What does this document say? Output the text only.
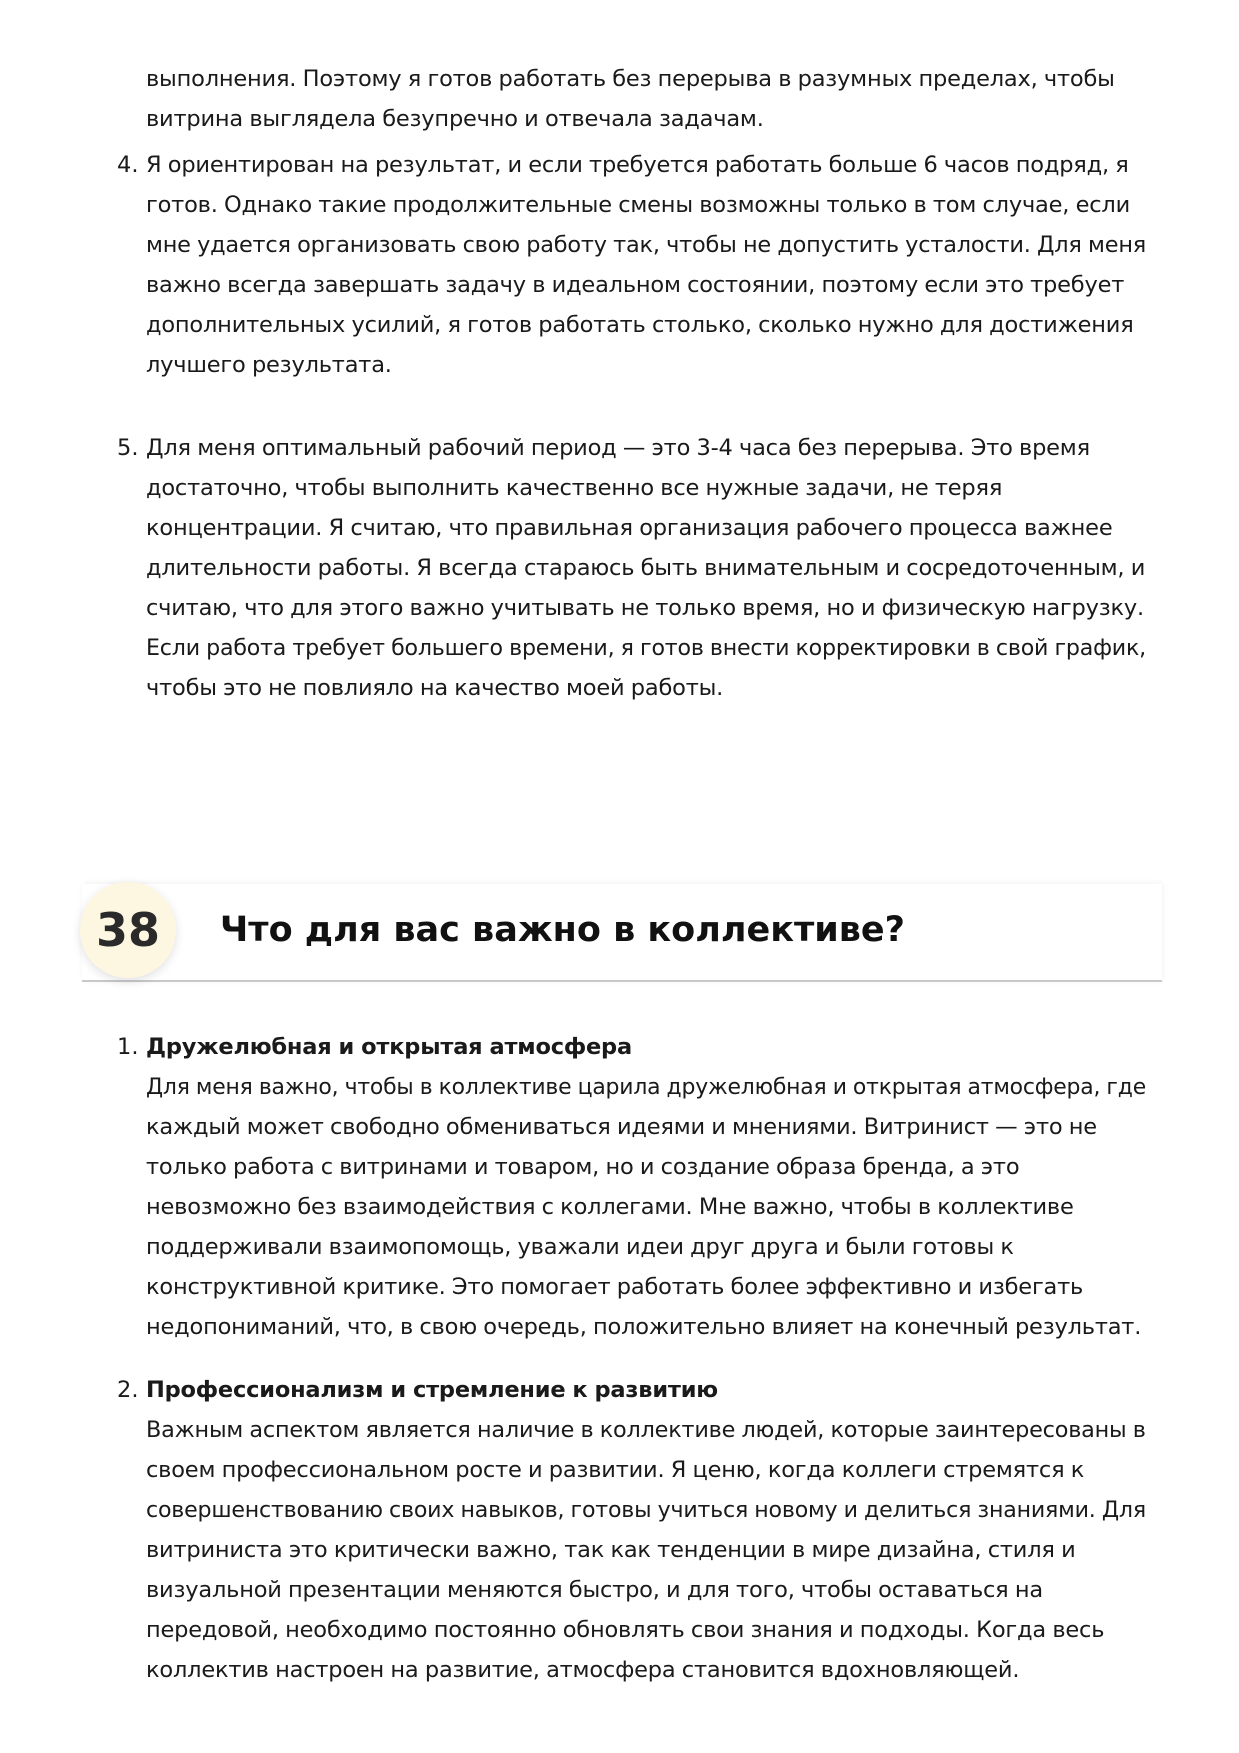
выполнения. Поэтому я готов работать без перерыва в разумных пределах, чтобы
витрина выглядела безупречно и отвечала задачам.
4. Я ориентирован на результат, и если требуется работать больше 6 часов подряд, я
готов. Однако такие продолжительные смены возможны только в том случае, если
мне удается организовать свою работу так, чтобы не допустить усталости. Для меня
важно всегда завершать задачу в идеальном состоянии, поэтому если это требует
дополнительных усилий, я готов работать столько, сколько нужно для достижения
лучшего результата.
5. Для меня оптимальный рабочий период — это 3-4 часа без перерыва. Это время
достаточно, чтобы выполнить качественно все нужные задачи, не теряя
концентрации. Я считаю, что правильная организация рабочего процесса важнее
длительности работы. Я всегда стараюсь быть внимательным и сосредоточенным, и
считаю, что для этого важно учитывать не только время, но и физическую нагрузку.
Если работа требует большего времени, я готов внести корректировки в свой график,
чтобы это не повлияло на качество моей работы.
38	Что для вас важно в коллективе?
1. Дружелюбная и открытая атмосфера
Для меня важно, чтобы в коллективе царила дружелюбная и открытая атмосфера, где
каждый может свободно обмениваться идеями и мнениями. Витринист — это не
только работа с витринами и товаром, но и создание образа бренда, а это
невозможно без взаимодействия с коллегами. Мне важно, чтобы в коллективе
поддерживали взаимопомощь, уважали идеи друг друга и были готовы к
конструктивной критике. Это помогает работать более эффективно и избегать
недопониманий, что, в свою очередь, положительно влияет на конечный результат.
2. Профессионализм и стремление к развитию
Важным аспектом является наличие в коллективе людей, которые заинтересованы в
своем профессиональном росте и развитии. Я ценю, когда коллеги стремятся к
совершенствованию своих навыков, готовы учиться новому и делиться знаниями. Для
витриниста это критически важно, так как тенденции в мире дизайна, стиля и
визуальной презентации меняются быстро, и для того, чтобы оставаться на
передовой, необходимо постоянно обновлять свои знания и подходы. Когда весь
коллектив настроен на развитие, атмосфера становится вдохновляющей.
